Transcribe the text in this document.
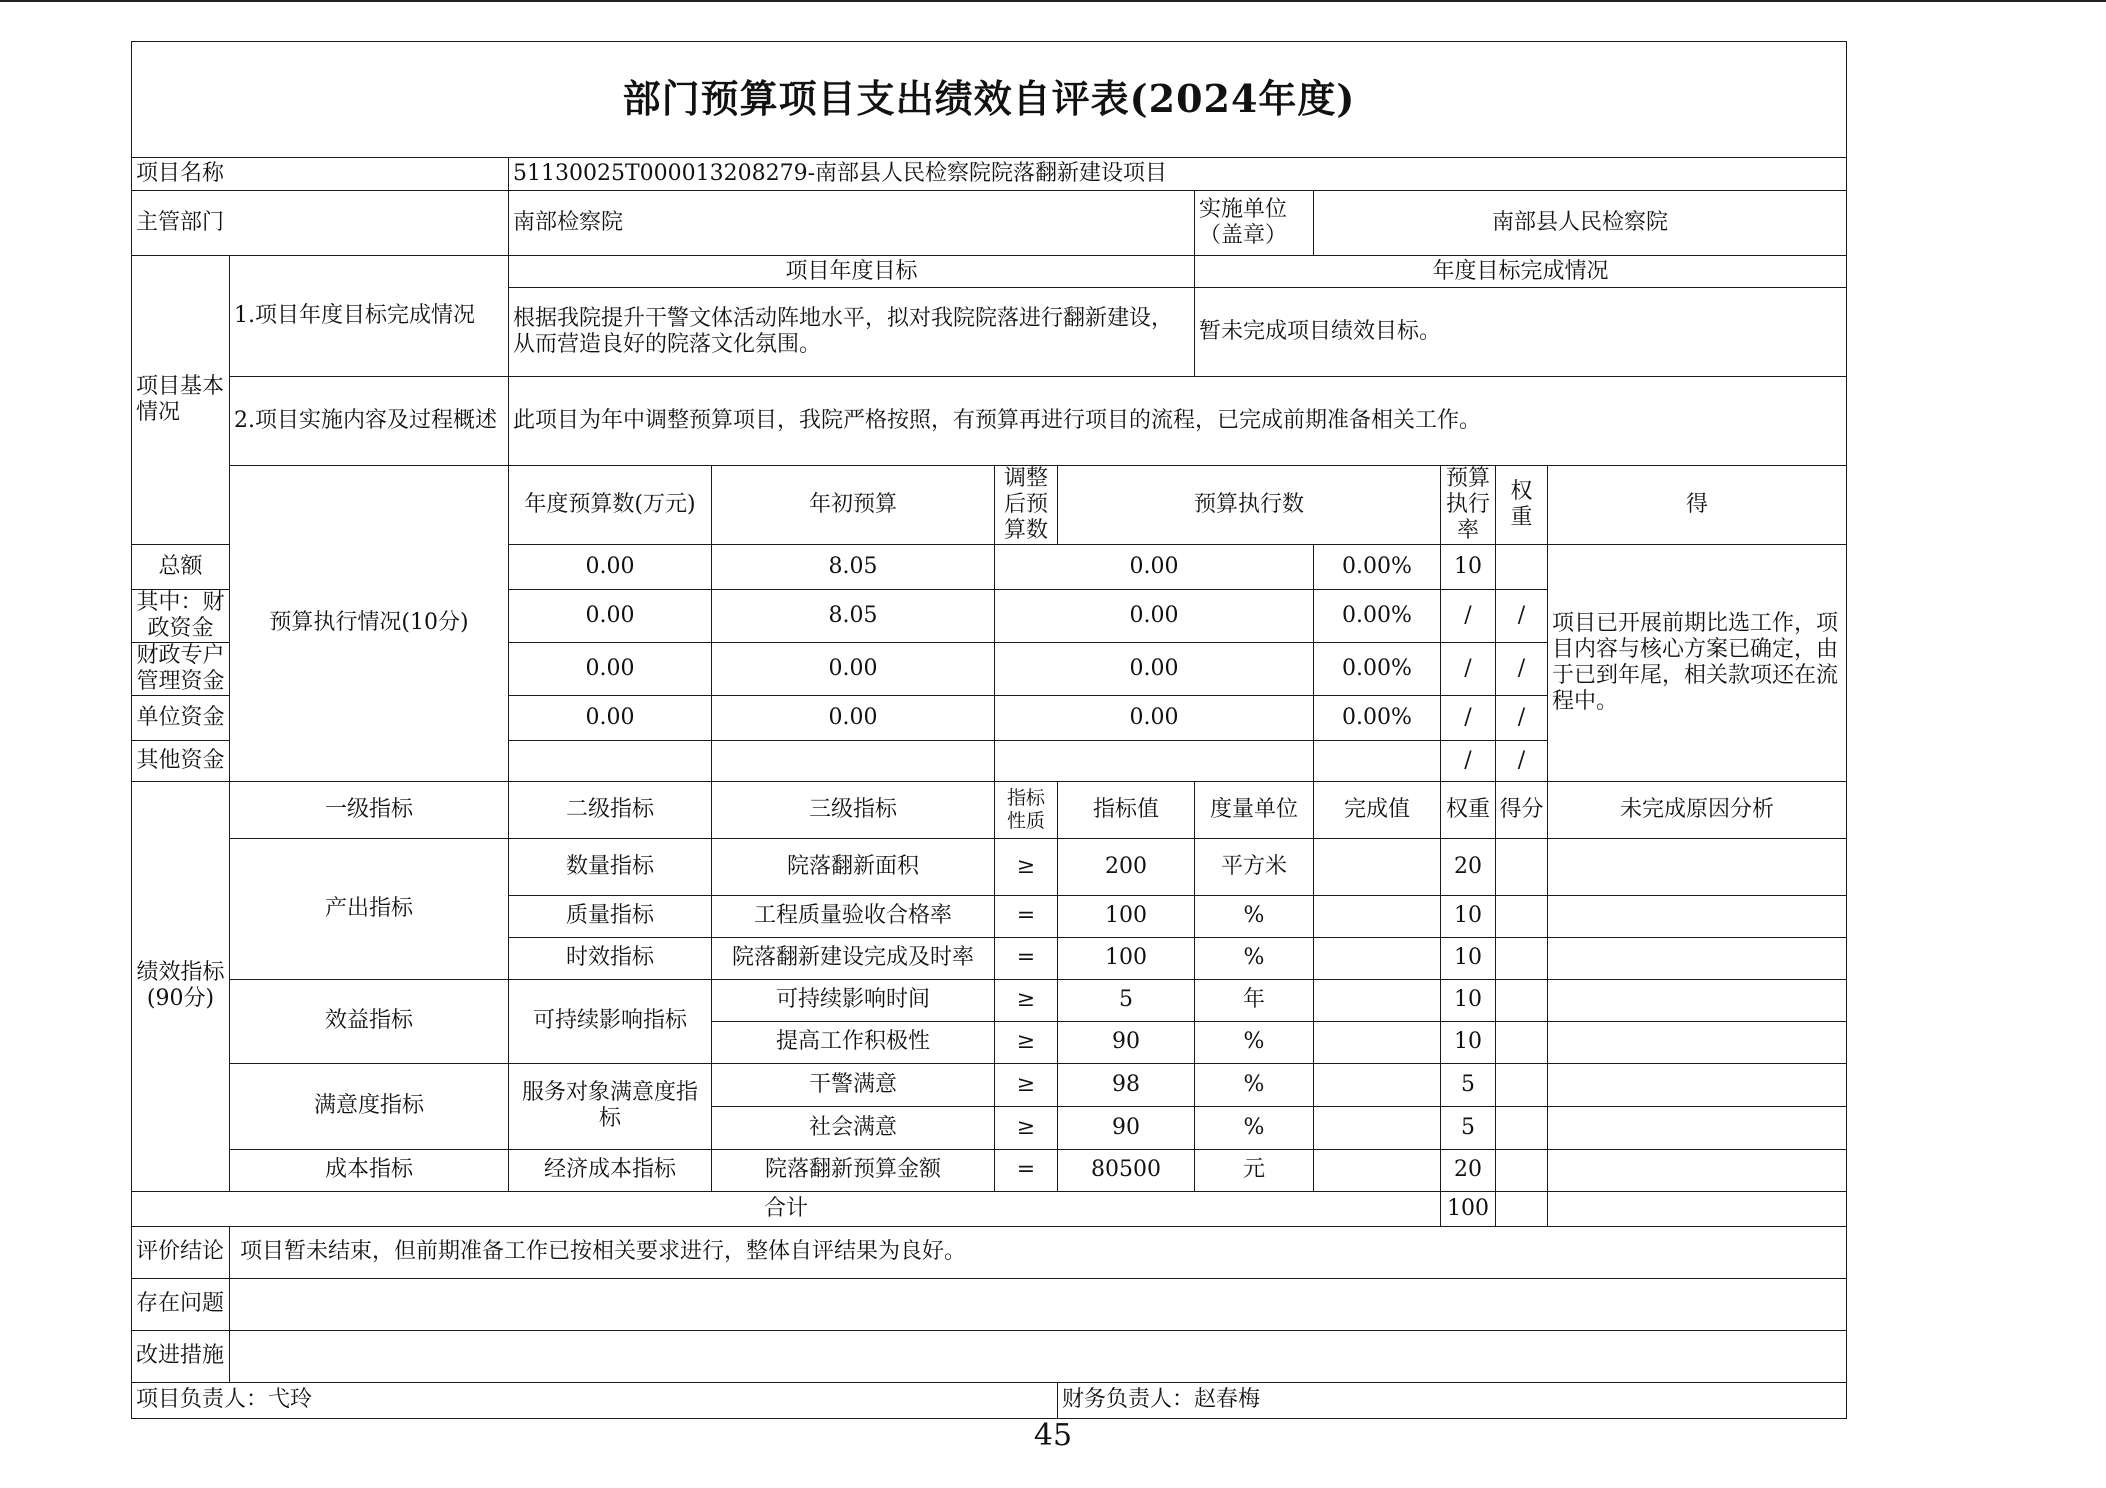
部门预算项目支出绩效自评表(2024年度)											
项目名称		51130025T000013208279-南部县人民检察院院落翻新建设项目									
主管部门		南部检察院				实施单位（盖章）	南部县人民检察院				
项目基本情况	1.项目年度目标完成情况	项目年度目标				年度目标完成情况					
		根据我院提升干警文体活动阵地水平，拟对我院院落进行翻新建设，从而营造良好的院落文化氛围。				暂未完成项目绩效目标。					
	2.项目实施内容及过程概述	此项目为年中调整预算项目，我院严格按照，有预算再进行项目的流程，已完成前期准备相关工作。									
	预算执行情况(10分)	年度预算数(万元)	年初预算	调整后预算数	预算执行数			预算执行率	权重	得	
总额		0.00	8.05	0.00			0.00%	10		项目已开展前期比选工作，项目内容与核心方案已确定，由于已到年尾，相关款项还在流程中。	
其中：财政资金		0.00	8.05	0.00			0.00%	/	/		
财政专户管理资金		0.00	0.00	0.00			0.00%	/	/		
单位资金		0.00	0.00	0.00			0.00%	/	/		
其他资金								/	/		
绩效指标(90分)	一级指标	二级指标	三级指标	指标性质	指标值	度量单位	完成值	权重	得分	未完成原因分析	
	产出指标	数量指标	院落翻新面积	≥	200	平方米		20			
		质量指标	工程质量验收合格率	=	100	%		10			
		时效指标	院落翻新建设完成及时率	=	100	%		10			
	效益指标	可持续影响指标	可持续影响时间	≥	5	年		10			
			提高工作积极性	≥	90	%		10			
	满意度指标	服务对象满意度指标	干警满意	≥	98	%		5			
			社会满意	≥	90	%		5			
	成本指标	经济成本指标	院落翻新预算金额	=	80500	元		20			
合计								100			
评价结论	项目暂未结束，但前期准备工作已按相关要求进行，整体自评结果为良好。										
存在问题											
改进措施											
项目负责人：弋玲					财务负责人：赵春梅						
45
